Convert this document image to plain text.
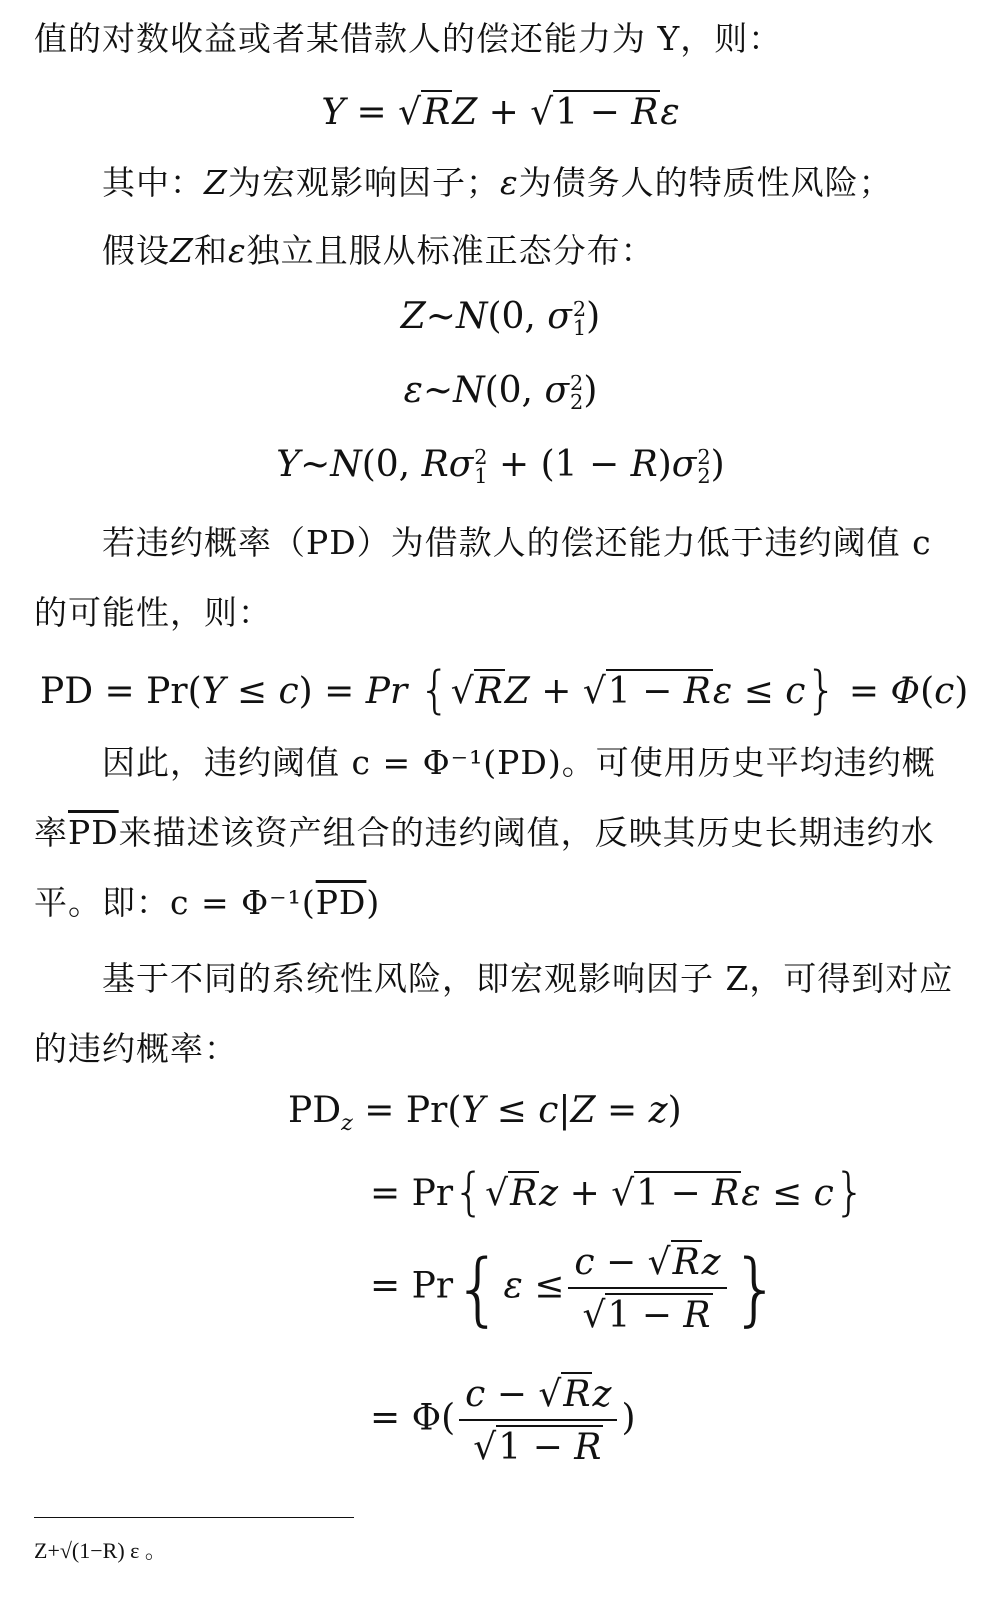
值的对数收益或者某借款人的偿还能力为 Y，则：
Y = √RZ + √1 − Rε
其中：Z为宏观影响因子；ε为债务人的特质性风险；
假设Z和ε独立且服从标准正态分布：
Z~N(0, σ 2
1 )
ε~N(0, σ 2
2 )
Y~N(0, Rσ 2
1 + (1 − R)σ 2
2 )
若违约概率（PD）为借款人的偿还能力低于违约阈值 c 的可能性，则：
PD = Pr(Y ≤ c) = Pr {√RZ + √1 − Rε ≤ c} = Φ(c)
因此，违约阈值 c = Φ⁻¹(PD)。可使用历史平均违约概率$\overline{PD}$来描述该资产组合的违约阈值，反映其历史长期违约水平。即：$c = \Phi^{-1}(\overline{PD})$
基于不同的系统性风险，即宏观影响因子 Z，可得到对应的违约概率：
$PD_z = Pr(Y \le c|Z = z)$
= Pr{√Rz + √1 − Rε ≤ c}
= $Pr\{\varepsilon \le \frac{c - √Rz}{√1 - R}$ }
= $\Phi( \frac{c - √Rz}{√1 - R}$ )
Z+√(1−R) ε 。
